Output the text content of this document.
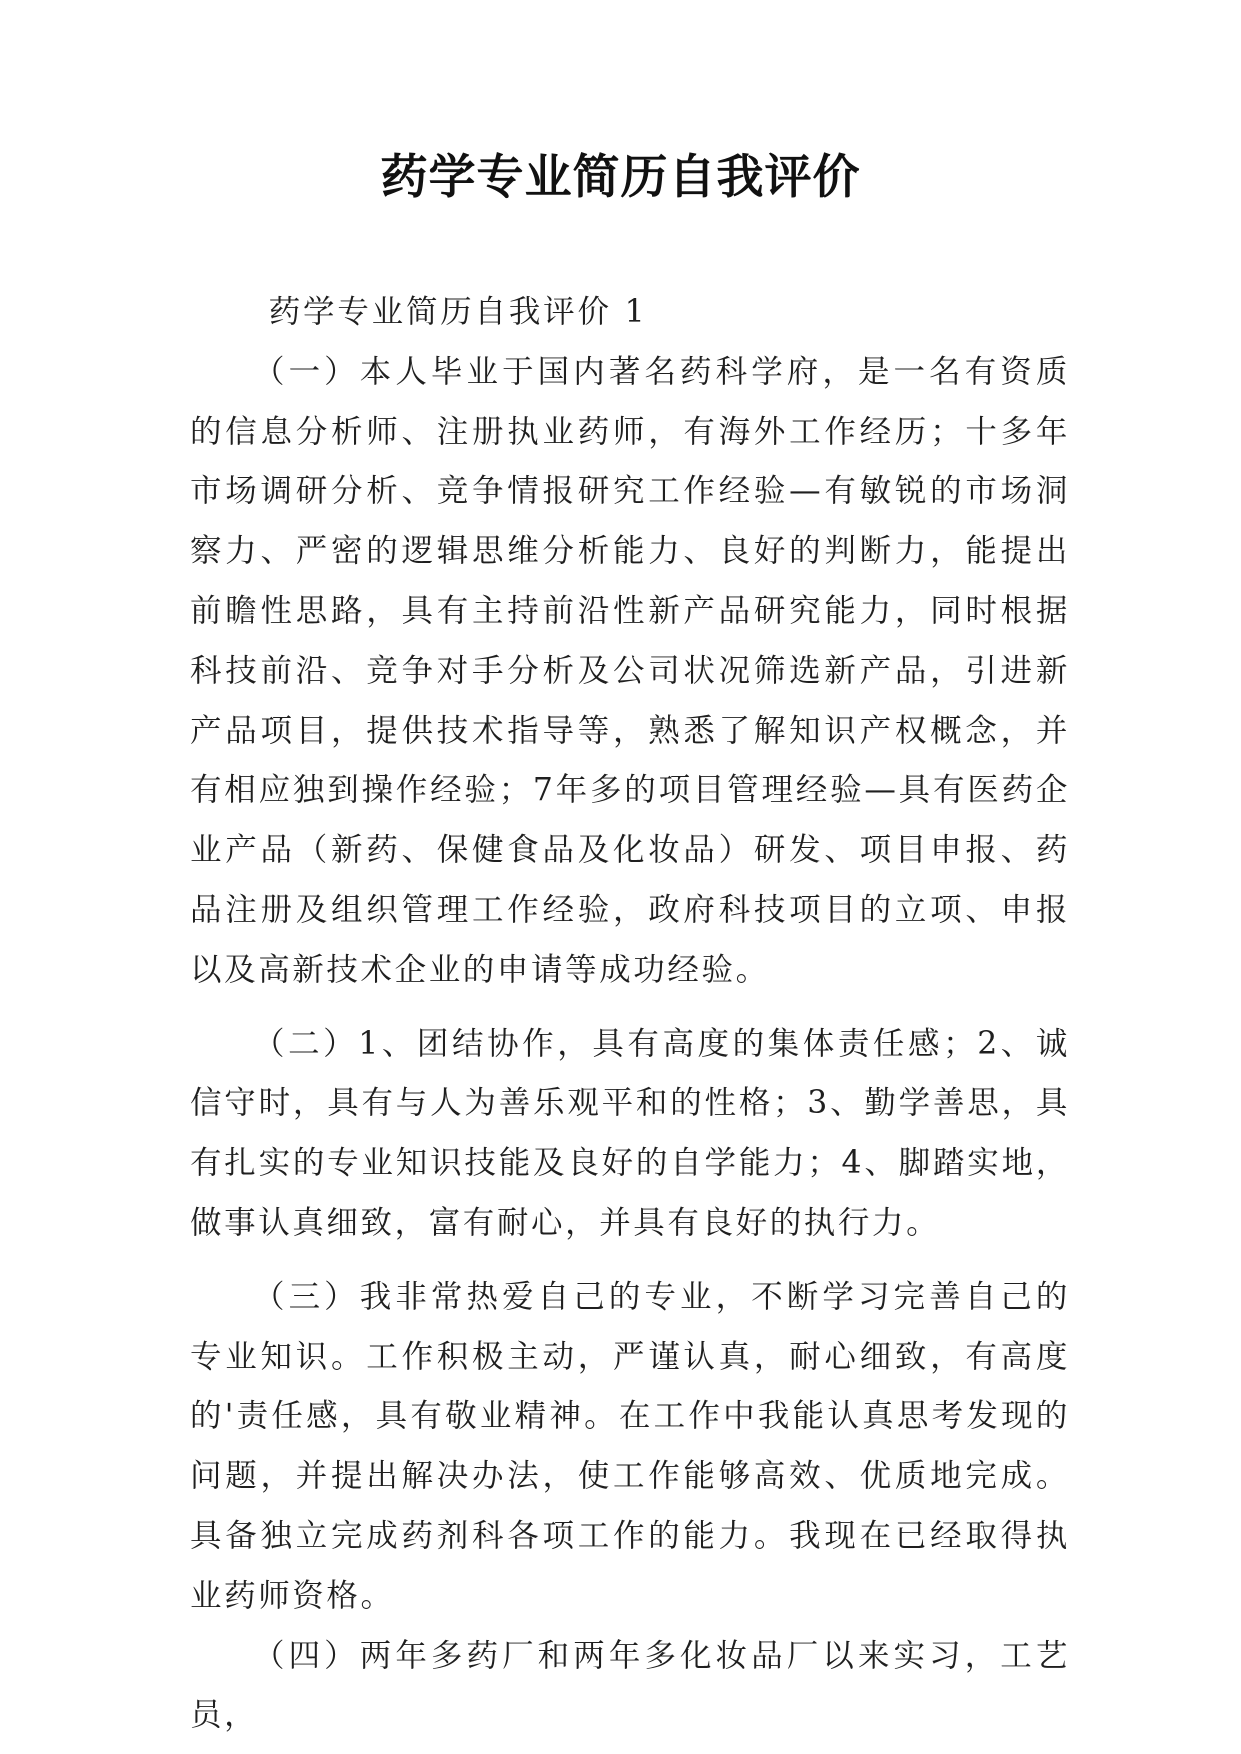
药学专业简历自我评价

药学专业简历自我评价 1

（一）本人毕业于国内著名药科学府，是一名有资质的信息分析师、注册执业药师，有海外工作经历；十多年市场调研分析、竞争情报研究工作经验—有敏锐的市场洞察力、严密的逻辑思维分析能力、良好的判断力，能提出前瞻性思路，具有主持前沿性新产品研究能力，同时根据科技前沿、竞争对手分析及公司状况筛选新产品，引进新产品项目，提供技术指导等，熟悉了解知识产权概念，并有相应独到操作经验；7年多的项目管理经验—具有医药企业产品（新药、保健食品及化妆品）研发、项目申报、药品注册及组织管理工作经验，政府科技项目的立项、申报以及高新技术企业的申请等成功经验。

（二）1、团结协作，具有高度的集体责任感；2、诚信守时，具有与人为善乐观平和的性格；3、勤学善思，具有扎实的专业知识技能及良好的自学能力；4、脚踏实地，做事认真细致，富有耐心，并具有良好的执行力。

（三）我非常热爱自己的专业，不断学习完善自己的专业知识。工作积极主动，严谨认真，耐心细致，有高度的'责任感，具有敬业精神。在工作中我能认真思考发现的问题，并提出解决办法，使工作能够高效、优质地完成。具备独立完成药剂科各项工作的能力。我现在已经取得执业药师资格。

（四）两年多药厂和两年多化妆品厂以来实习，工艺员，
